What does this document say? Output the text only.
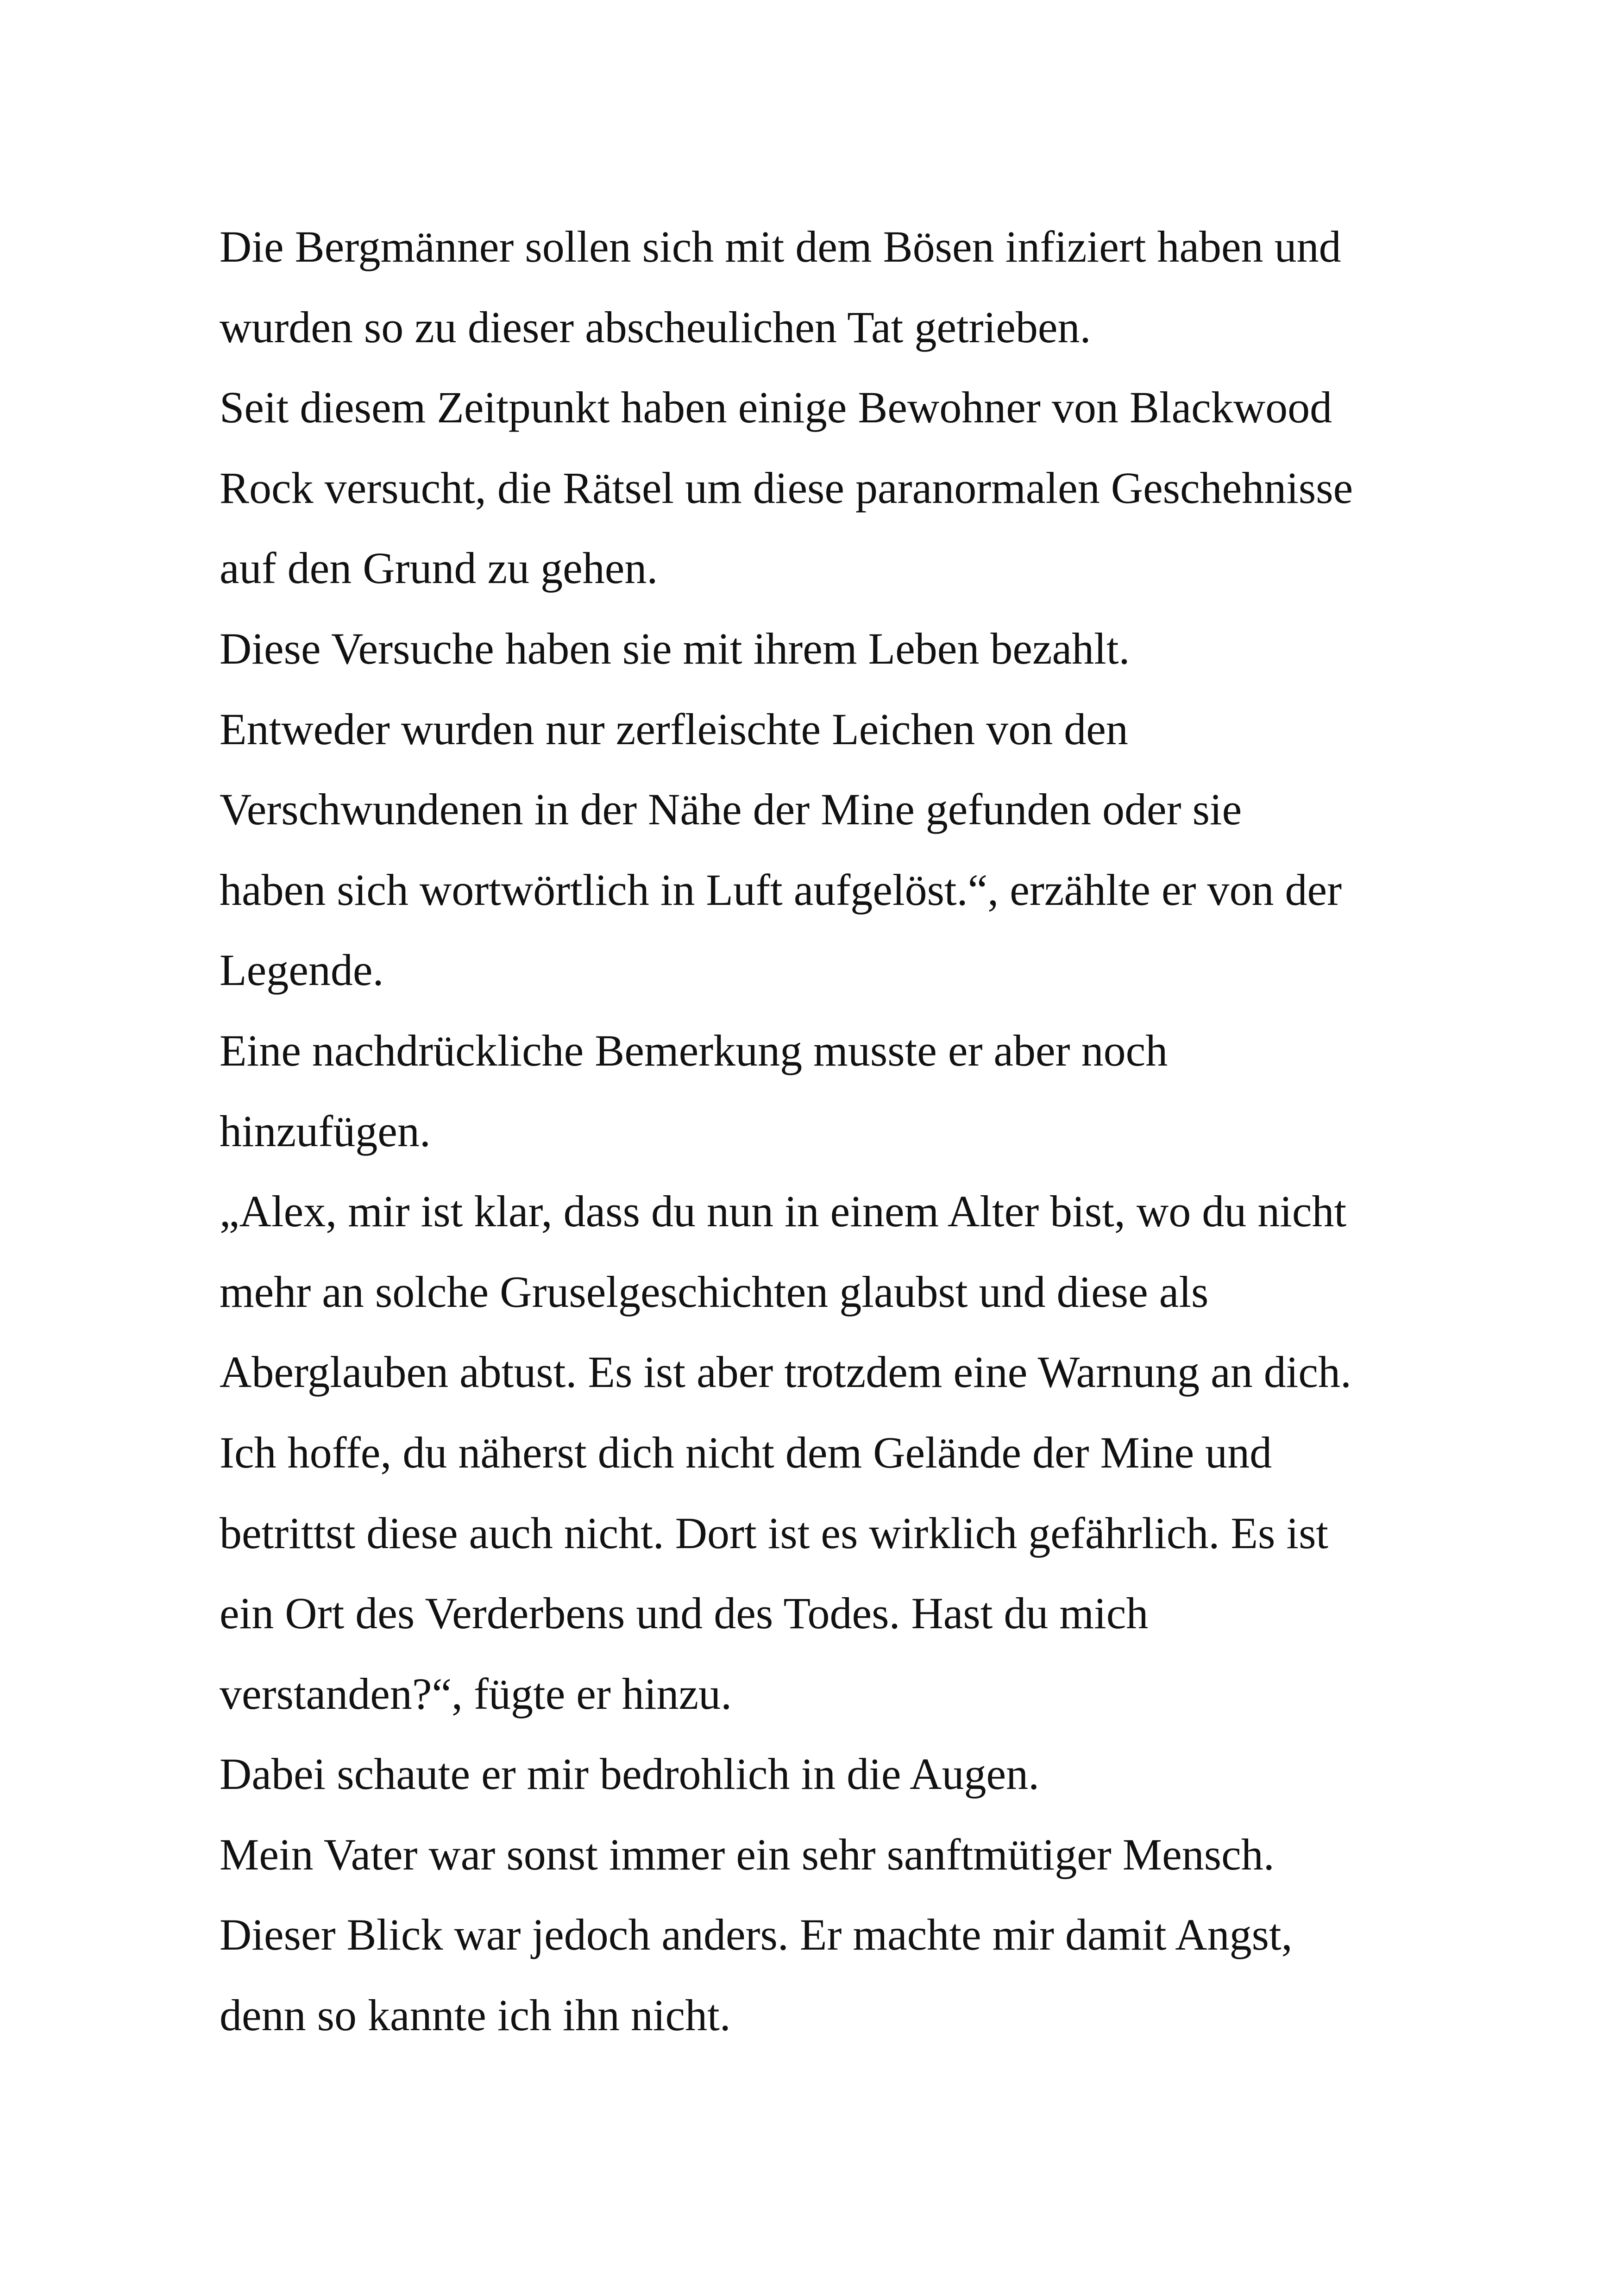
Die Bergmänner sollen sich mit dem Bösen infiziert haben und
wurden so zu dieser abscheulichen Tat getrieben.
Seit diesem Zeitpunkt haben einige Bewohner von Blackwood
Rock versucht, die Rätsel um diese paranormalen Geschehnisse
auf den Grund zu gehen.
Diese Versuche haben sie mit ihrem Leben bezahlt.
Entweder wurden nur zerfleischte Leichen von den
Verschwundenen in der Nähe der Mine gefunden oder sie
haben sich wortwörtlich in Luft aufgelöst.“, erzählte er von der
Legende.
Eine nachdrückliche Bemerkung musste er aber noch
hinzufügen.
„Alex, mir ist klar, dass du nun in einem Alter bist, wo du nicht
mehr an solche Gruselgeschichten glaubst und diese als
Aberglauben abtust. Es ist aber trotzdem eine Warnung an dich.
Ich hoffe, du näherst dich nicht dem Gelände der Mine und
betrittst diese auch nicht. Dort ist es wirklich gefährlich. Es ist
ein Ort des Verderbens und des Todes. Hast du mich
verstanden?“, fügte er hinzu.
Dabei schaute er mir bedrohlich in die Augen.
Mein Vater war sonst immer ein sehr sanftmütiger Mensch.
Dieser Blick war jedoch anders. Er machte mir damit Angst,
denn so kannte ich ihn nicht.
